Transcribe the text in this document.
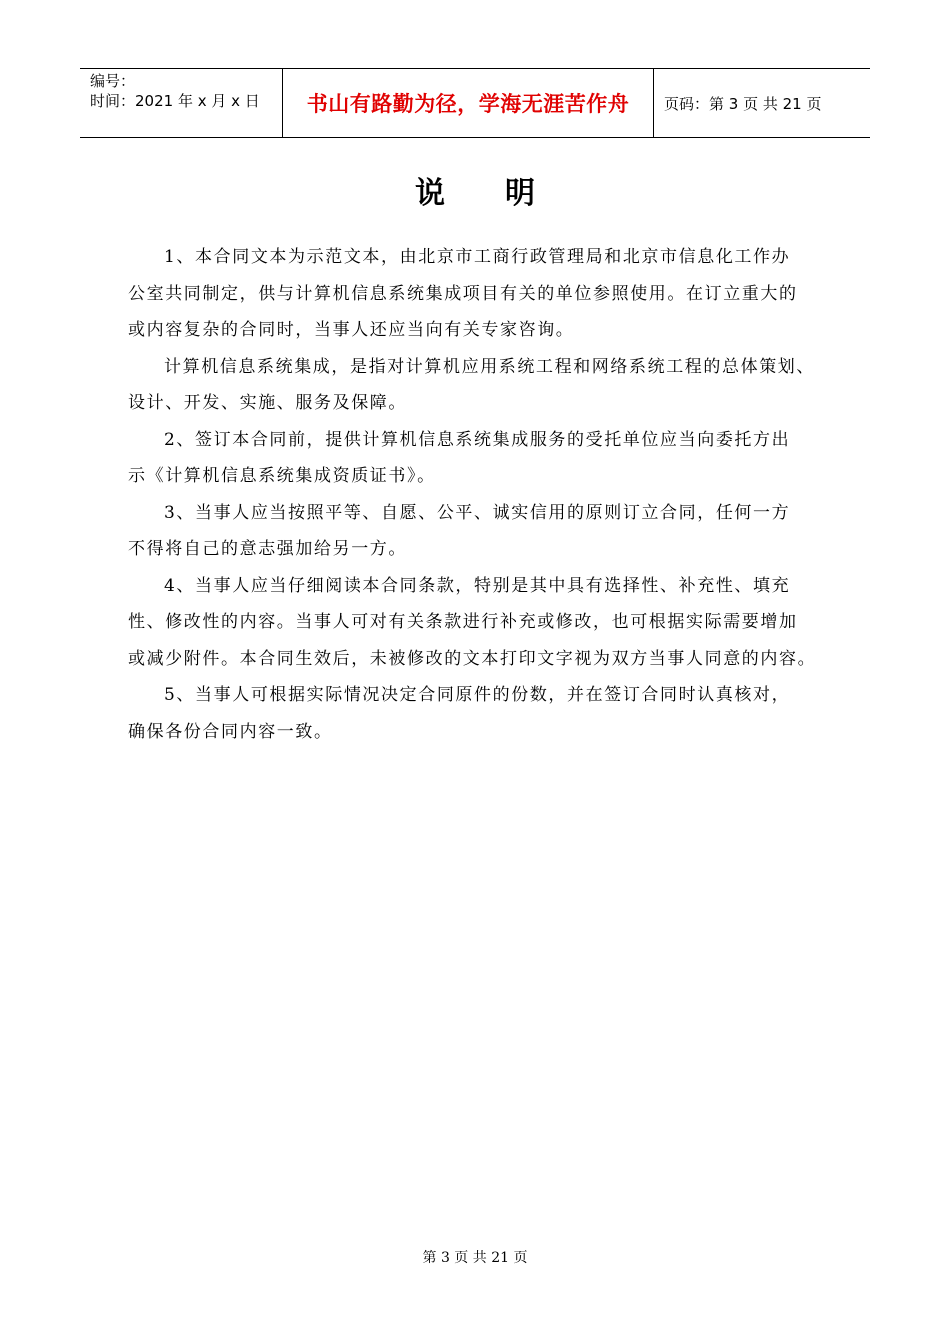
编号：
时间：2021 年 x 月 x 日	书山有路勤为径，学海无涯苦作舟 页码：第 3 页 共 21 页
说明
1、本合同文本为示范文本，由北京市工商行政管理局和北京市信息化工作办
公室共同制定，供与计算机信息系统集成项目有关的单位参照使用。在订立重大的
或内容复杂的合同时，当事人还应当向有关专家咨询。
计算机信息系统集成，是指对计算机应用系统工程和网络系统工程的总体策划、
设计、开发、实施、服务及保障。
2、签订本合同前，提供计算机信息系统集成服务的受托单位应当向委托方出
示《计算机信息系统集成资质证书》。
3、当事人应当按照平等、自愿、公平、诚实信用的原则订立合同，任何一方
不得将自己的意志强加给另一方。
4、当事人应当仔细阅读本合同条款，特别是其中具有选择性、补充性、填充
性、修改性的内容。当事人可对有关条款进行补充或修改，也可根据实际需要增加
或减少附件。本合同生效后，未被修改的文本打印文字视为双方当事人同意的内容。
5、当事人可根据实际情况决定合同原件的份数，并在签订合同时认真核对，
确保各份合同内容一致。
第 3 页 共 21 页
